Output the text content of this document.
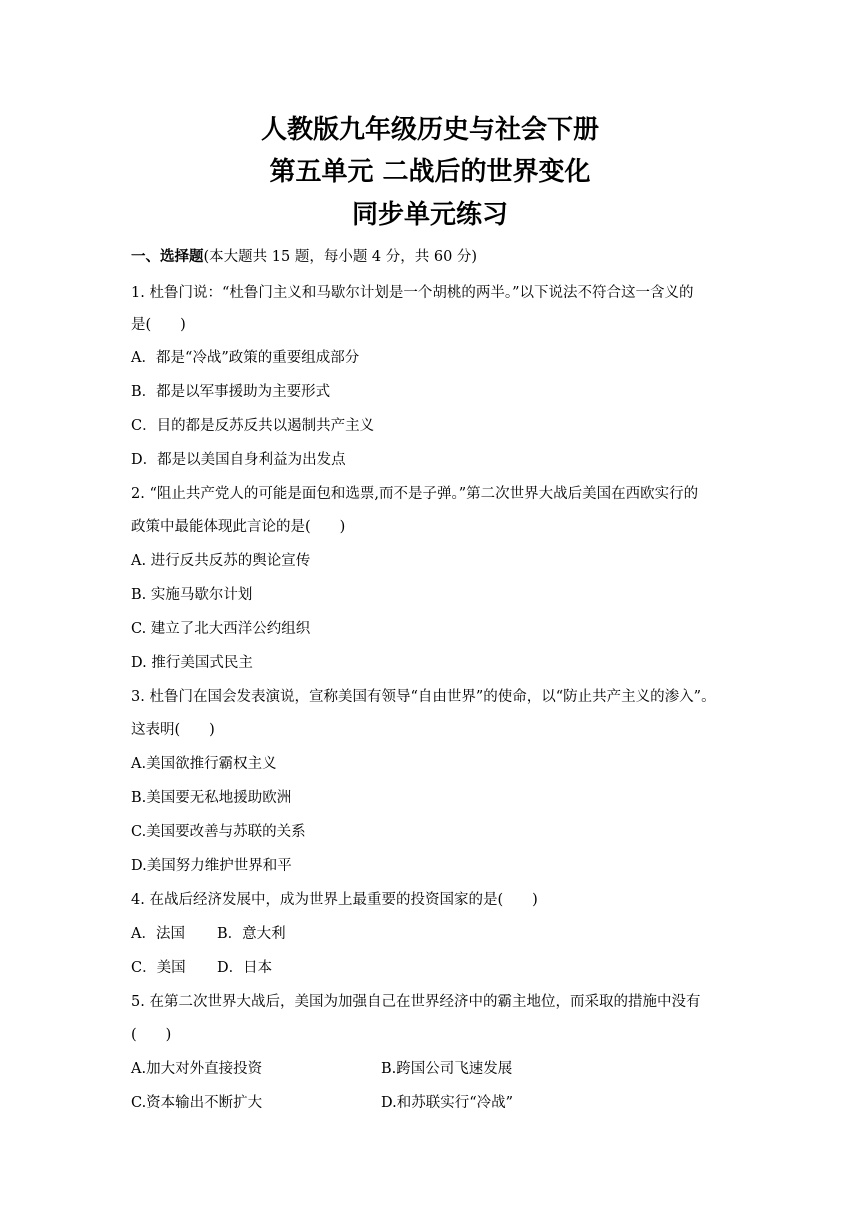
人教版九年级历史与社会下册
第五单元 二战后的世界变化
同步单元练习
一、选择题(本大题共 15 题，每小题 4 分，共 60 分)
1. 杜鲁门说：“杜鲁门主义和马歇尔计划是一个胡桃的两半。”以下说法不符合这一含义的
是(　　)
A．都是“冷战”政策的重要组成部分
B．都是以军事援助为主要形式
C．目的都是反苏反共以遏制共产主义
D．都是以美国自身利益为出发点
2. “阻止共产党人的可能是面包和选票,而不是子弹。”第二次世界大战后美国在西欧实行的
政策中最能体现此言论的是(　　)
A. 进行反共反苏的舆论宣传
B. 实施马歇尔计划
C. 建立了北大西洋公约组织
D. 推行美国式民主
3. 杜鲁门在国会发表演说，宣称美国有领导“自由世界”的使命，以“防止共产主义的渗入”。
这表明(　　)
A.美国欲推行霸权主义
B.美国要无私地援助欧洲
C.美国要改善与苏联的关系
D.美国努力维护世界和平
4. 在战后经济发展中，成为世界上最重要的投资国家的是(　　)
A．法国 B．意大利
C．美国 D．日本
5. 在第二次世界大战后，美国为加强自己在世界经济中的霸主地位，而采取的措施中没有
(　　)
A.加大对外直接投资	B.跨国公司飞速发展
C.资本输出不断扩大	D.和苏联实行“冷战”
